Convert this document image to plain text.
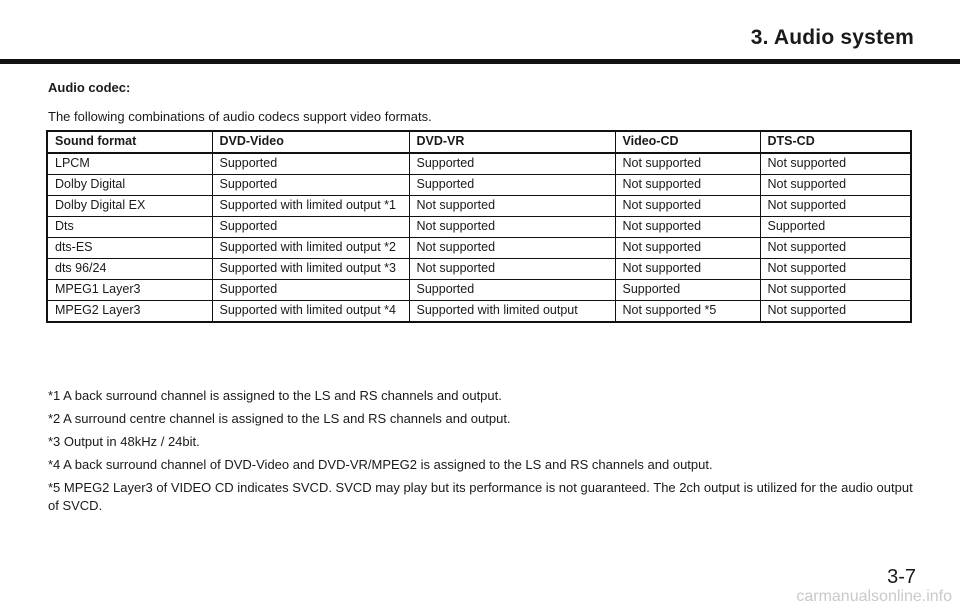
3. Audio system
Audio codec:
The following combinations of audio codecs support video formats.
Sound format	DVD-Video	DVD-VR	Video-CD	DTS-CD
LPCM	Supported	Supported	Not supported	Not supported
Dolby Digital	Supported	Supported	Not supported	Not supported
Dolby Digital EX	Supported with limited output *1	Not supported	Not supported	Not supported
Dts	Supported	Not supported	Not supported	Supported
dts-ES	Supported with limited output *2	Not supported	Not supported	Not supported
dts 96/24	Supported with limited output *3	Not supported	Not supported	Not supported
MPEG1 Layer3	Supported	Supported	Supported	Not supported
MPEG2 Layer3	Supported with limited output *4	Supported with limited output	Not supported *5	Not supported

*1 A back surround channel is assigned to the LS and RS channels and output.

*2 A surround centre channel is assigned to the LS and RS channels and output.

*3 Output in 48kHz / 24bit.

*4 A back surround channel of DVD-Video and DVD-VR/MPEG2 is assigned to the LS and RS channels and output.

*5 MPEG2 Layer3 of VIDEO CD indicates SVCD. SVCD may play but its performance is not guaranteed. The 2ch output is utilized for the audio output of SVCD.

3-7
carmanualsonline.info
